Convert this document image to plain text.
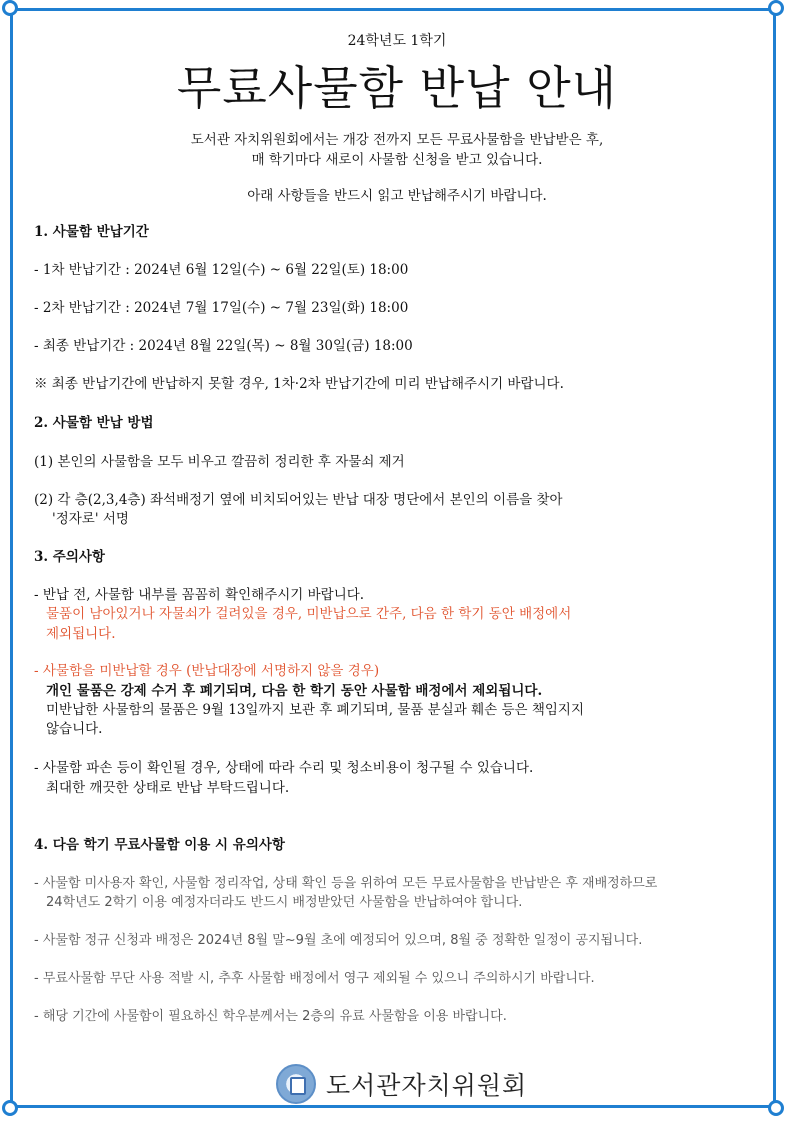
24학년도 1학기
무료사물함 반납 안내
도서관 자치위원회에서는 개강 전까지 모든 무료사물함을 반납받은 후,
매 학기마다 새로이 사물함 신청을 받고 있습니다.
아래 사항들을 반드시 읽고 반납해주시기 바랍니다.
1. 사물함 반납기간
- 1차 반납기간 : 2024년 6월 12일(수) ~ 6월 22일(토) 18:00
- 2차 반납기간 : 2024년 7월 17일(수) ~ 7월 23일(화) 18:00
- 최종 반납기간 : 2024년 8월 22일(목) ~ 8월 30일(금) 18:00
※ 최종 반납기간에 반납하지 못할 경우, 1차·2차 반납기간에 미리 반납해주시기 바랍니다.
2. 사물함 반납 방법
(1) 본인의 사물함을 모두 비우고 깔끔히 정리한 후 자물쇠 제거
(2) 각 층(2,3,4층) 좌석배정기 옆에 비치되어있는 반납 대장 명단에서 본인의 이름을 찾아
'정자로' 서명
3. 주의사항
- 반납 전, 사물함 내부를 꼼꼼히 확인해주시기 바랍니다.
물품이 남아있거나 자물쇠가 걸려있을 경우, 미반납으로 간주, 다음 한 학기 동안 배정에서
제외됩니다.
- 사물함을 미반납할 경우 (반납대장에 서명하지 않을 경우)
개인 물품은 강제 수거 후 폐기되며, 다음 한 학기 동안 사물함 배정에서 제외됩니다.
미반납한 사물함의 물품은 9월 13일까지 보관 후 폐기되며, 물품 분실과 훼손 등은 책임지지
않습니다.
- 사물함 파손 등이 확인될 경우, 상태에 따라 수리 및 청소비용이 청구될 수 있습니다.
최대한 깨끗한 상태로 반납 부탁드립니다.
4. 다음 학기 무료사물함 이용 시 유의사항
- 사물함 미사용자 확인, 사물함 정리작업, 상태 확인 등을 위하여 모든 무료사물함을 반납받은 후 재배정하므로
24학년도 2학기 이용 예정자더라도 반드시 배정받았던 사물함을 반납하여야 합니다.
- 사물함 정규 신청과 배정은 2024년 8월 말~9월 초에 예정되어 있으며, 8월 중 정확한 일정이 공지됩니다.
- 무료사물함 무단 사용 적발 시, 추후 사물함 배정에서 영구 제외될 수 있으니 주의하시기 바랍니다.
- 해당 기간에 사물함이 필요하신 학우분께서는 2층의 유료 사물함을 이용 바랍니다.
도서관자치위원회
